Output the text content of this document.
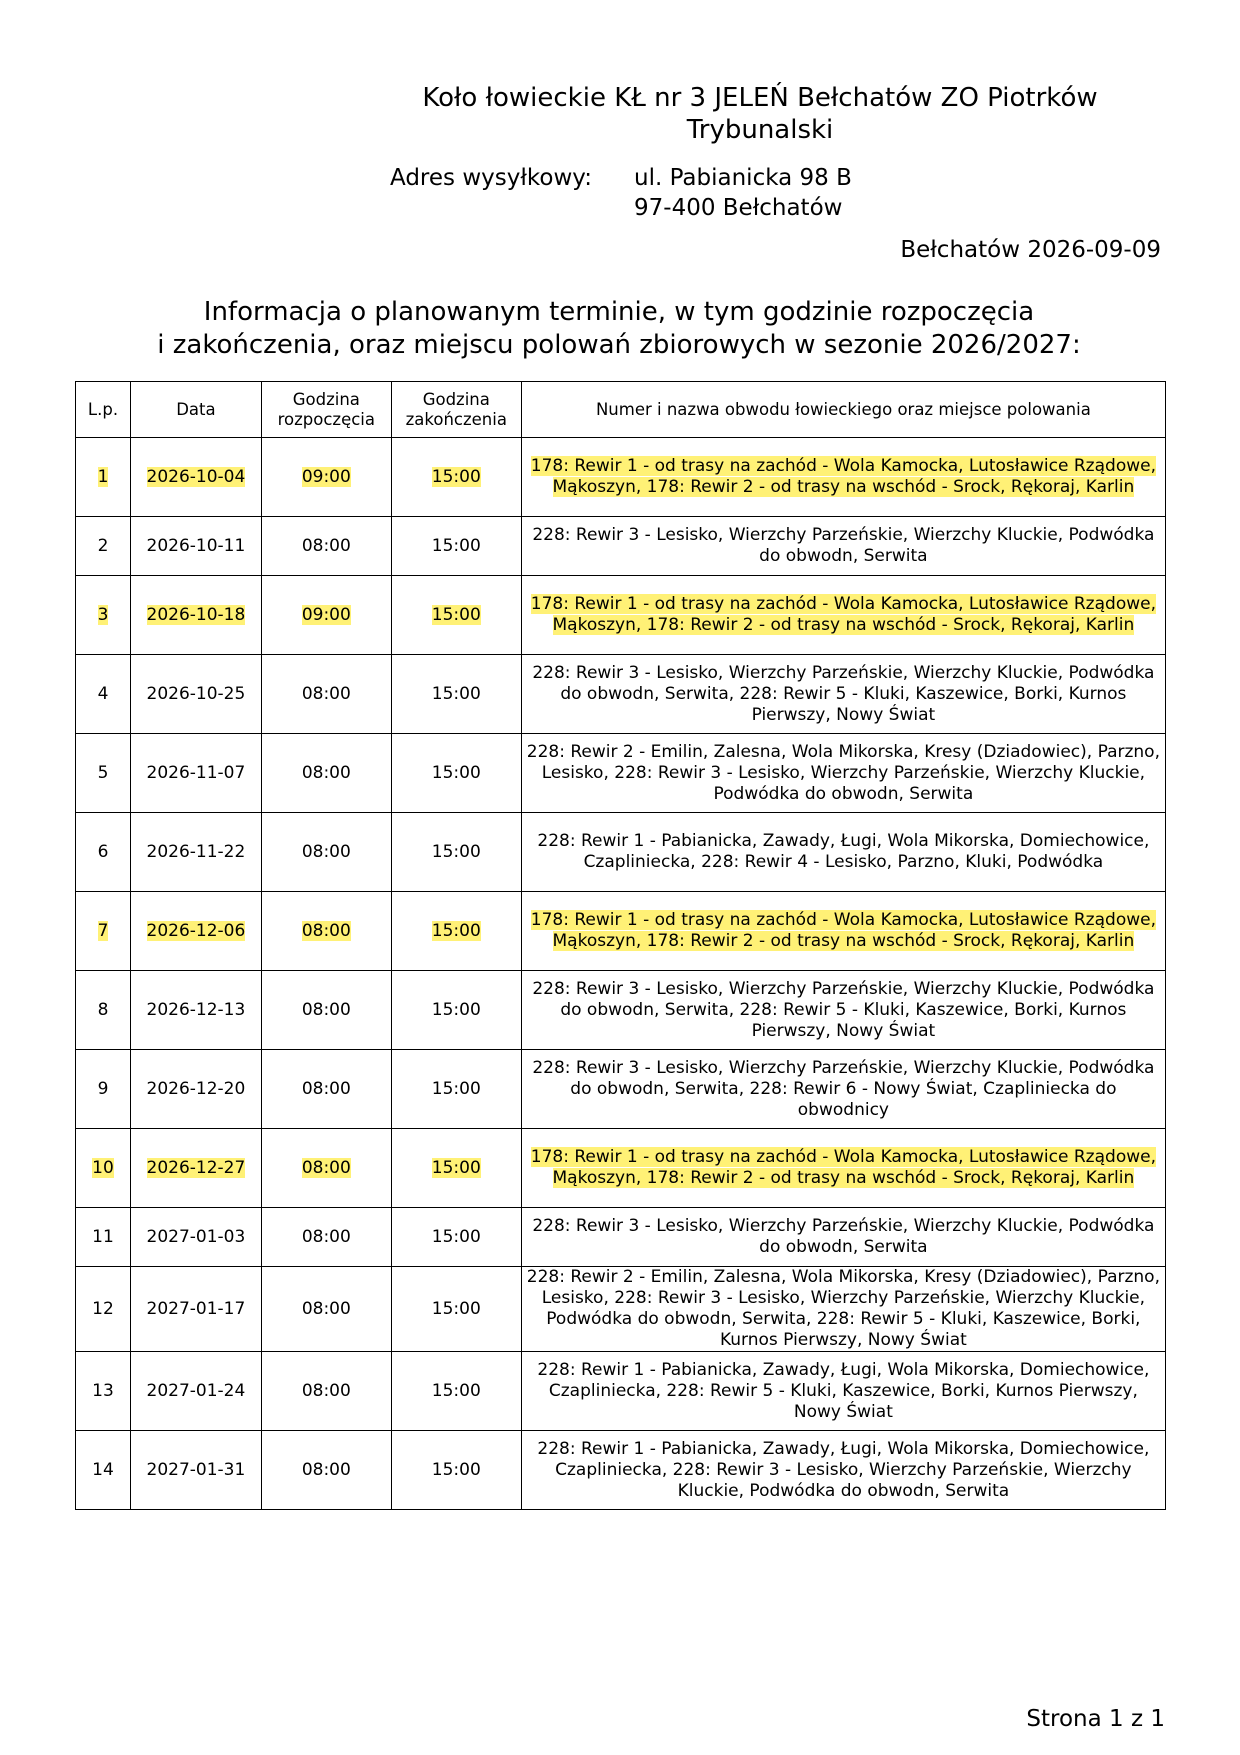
Koło łowieckie KŁ nr 3 JELEŃ Bełchatów ZO Piotrków Trybunalski
Adres wysyłkowy: ul. Pabianicka 98 B
97-400 Bełchatów
Bełchatów 2026-09-09
Informacja o planowanym terminie, w tym godzinie rozpoczęcia
i zakończenia, oraz miejscu polowań zbiorowych w sezonie 2026/2027:
L.p.	Data	Godzina rozpoczęcia	Godzina zakończenia	Numer i nazwa obwodu łowieckiego oraz miejsce polowania
1	2026-10-04	09:00	15:00	178: Rewir 1 - od trasy na zachód - Wola Kamocka, Lutosławice Rządowe, Mąkoszyn, 178: Rewir 2 - od trasy na wschód - Srock, Rękoraj, Karlin
2	2026-10-11	08:00	15:00	228: Rewir 3 - Lesisko, Wierzchy Parzeńskie, Wierzchy Kluckie, Podwódka do obwodn, Serwita
3	2026-10-18	09:00	15:00	178: Rewir 1 - od trasy na zachód - Wola Kamocka, Lutosławice Rządowe, Mąkoszyn, 178: Rewir 2 - od trasy na wschód - Srock, Rękoraj, Karlin
4	2026-10-25	08:00	15:00	228: Rewir 3 - Lesisko, Wierzchy Parzeńskie, Wierzchy Kluckie, Podwódka do obwodn, Serwita, 228: Rewir 5 - Kluki, Kaszewice, Borki, Kurnos Pierwszy, Nowy Świat
5	2026-11-07	08:00	15:00	228: Rewir 2 - Emilin, Zalesna, Wola Mikorska, Kresy (Dziadowiec), Parzno, Lesisko, 228: Rewir 3 - Lesisko, Wierzchy Parzeńskie, Wierzchy Kluckie, Podwódka do obwodn, Serwita
6	2026-11-22	08:00	15:00	228: Rewir 1 - Pabianicka, Zawady, Ługi, Wola Mikorska, Domiechowice, Czapliniecka, 228: Rewir 4 - Lesisko, Parzno, Kluki, Podwódka
7	2026-12-06	08:00	15:00	178: Rewir 1 - od trasy na zachód - Wola Kamocka, Lutosławice Rządowe, Mąkoszyn, 178: Rewir 2 - od trasy na wschód - Srock, Rękoraj, Karlin
8	2026-12-13	08:00	15:00	228: Rewir 3 - Lesisko, Wierzchy Parzeńskie, Wierzchy Kluckie, Podwódka do obwodn, Serwita, 228: Rewir 5 - Kluki, Kaszewice, Borki, Kurnos Pierwszy, Nowy Świat
9	2026-12-20	08:00	15:00	228: Rewir 3 - Lesisko, Wierzchy Parzeńskie, Wierzchy Kluckie, Podwódka do obwodn, Serwita, 228: Rewir 6 - Nowy Świat, Czapliniecka do obwodnicy
10	2026-12-27	08:00	15:00	178: Rewir 1 - od trasy na zachód - Wola Kamocka, Lutosławice Rządowe, Mąkoszyn, 178: Rewir 2 - od trasy na wschód - Srock, Rękoraj, Karlin
11	2027-01-03	08:00	15:00	228: Rewir 3 - Lesisko, Wierzchy Parzeńskie, Wierzchy Kluckie, Podwódka do obwodn, Serwita
12	2027-01-17	08:00	15:00	228: Rewir 2 - Emilin, Zalesna, Wola Mikorska, Kresy (Dziadowiec), Parzno, Lesisko, 228: Rewir 3 - Lesisko, Wierzchy Parzeńskie, Wierzchy Kluckie, Podwódka do obwodn, Serwita, 228: Rewir 5 - Kluki, Kaszewice, Borki, Kurnos Pierwszy, Nowy Świat
13	2027-01-24	08:00	15:00	228: Rewir 1 - Pabianicka, Zawady, Ługi, Wola Mikorska, Domiechowice, Czapliniecka, 228: Rewir 5 - Kluki, Kaszewice, Borki, Kurnos Pierwszy, Nowy Świat
14	2027-01-31	08:00	15:00	228: Rewir 1 - Pabianicka, Zawady, Ługi, Wola Mikorska, Domiechowice, Czapliniecka, 228: Rewir 3 - Lesisko, Wierzchy Parzeńskie, Wierzchy Kluckie, Podwódka do obwodn, Serwita
Strona 1 z 1
